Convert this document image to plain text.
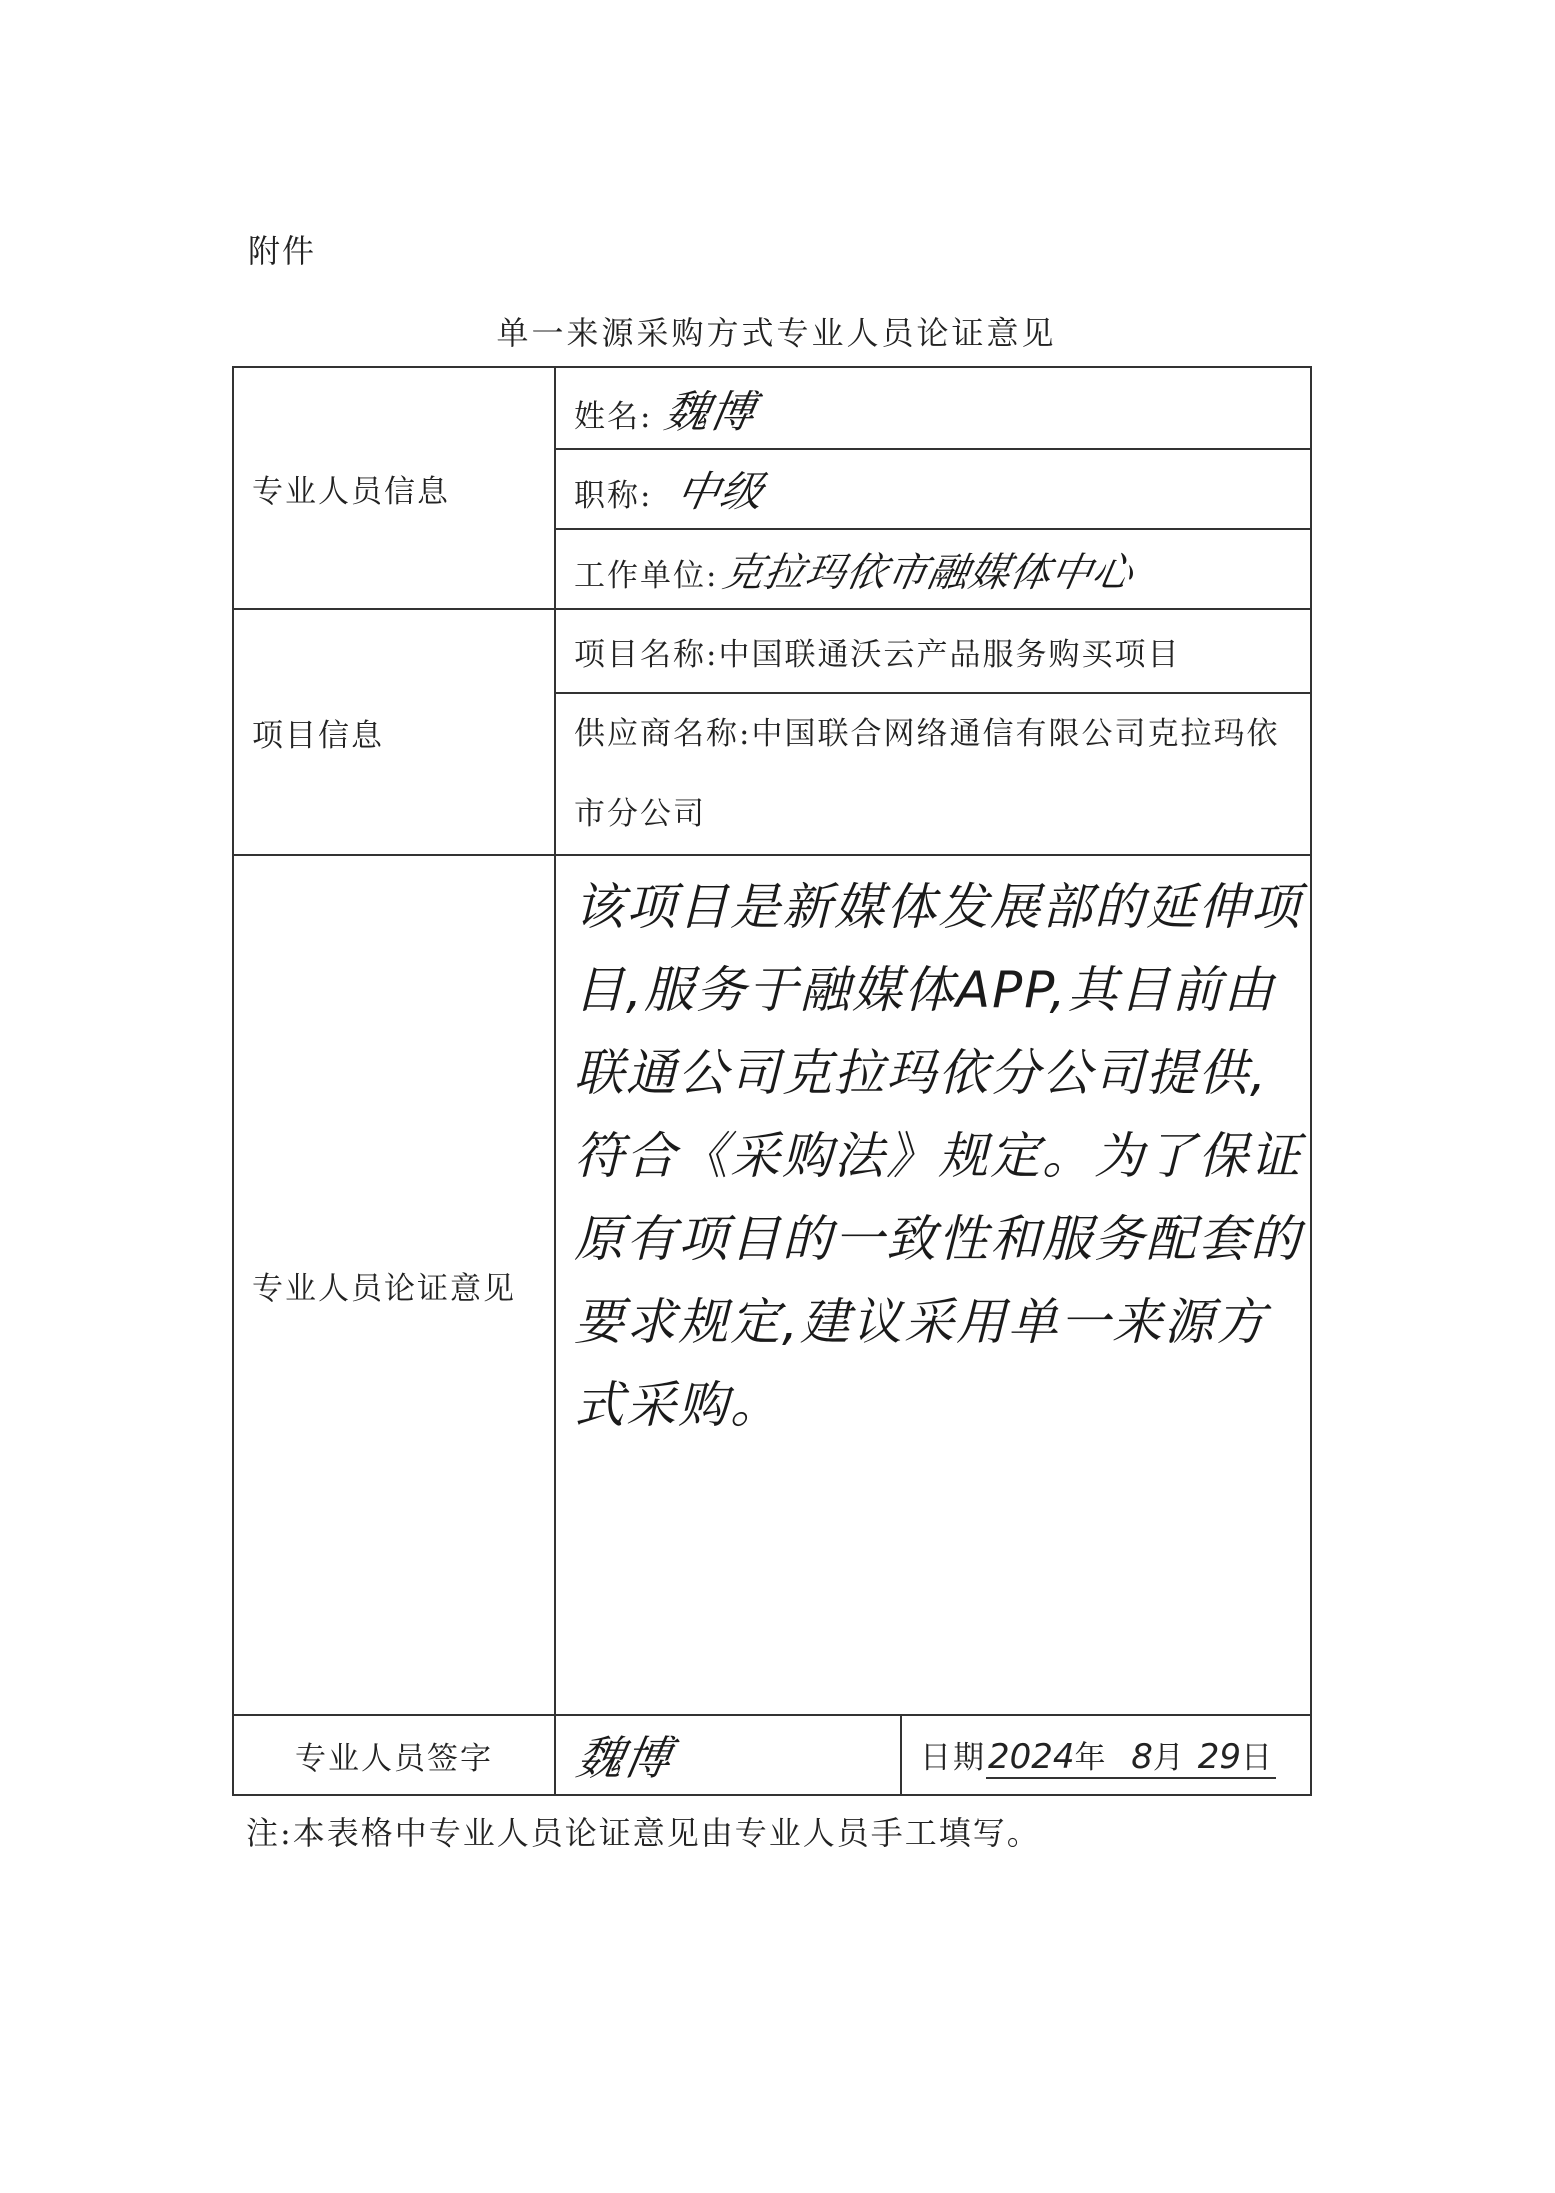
附件
单一来源采购方式专业人员论证意见
专业人员信息	姓名: 魏博	
	职称: 中级	
	工作单位:克拉玛依市融媒体中心	
项目信息	项目名称:中国联通沃云产品服务购买项目	
	供应商名称:中国联合网络通信有限公司克拉玛依市分公司	
专业人员论证意见	该项目是新媒体发展部的延伸项目,服务于融媒体APP,其目前由联通公司克拉玛依分公司提供,符合《采购法》规定。为了保证原有项目的一致性和服务配套的要求规定,建议采用单一来源方式采购。	

专业人员签字	魏博	日期2024年 8月 29日
注:本表格中专业人员论证意见由专业人员手工填写。
